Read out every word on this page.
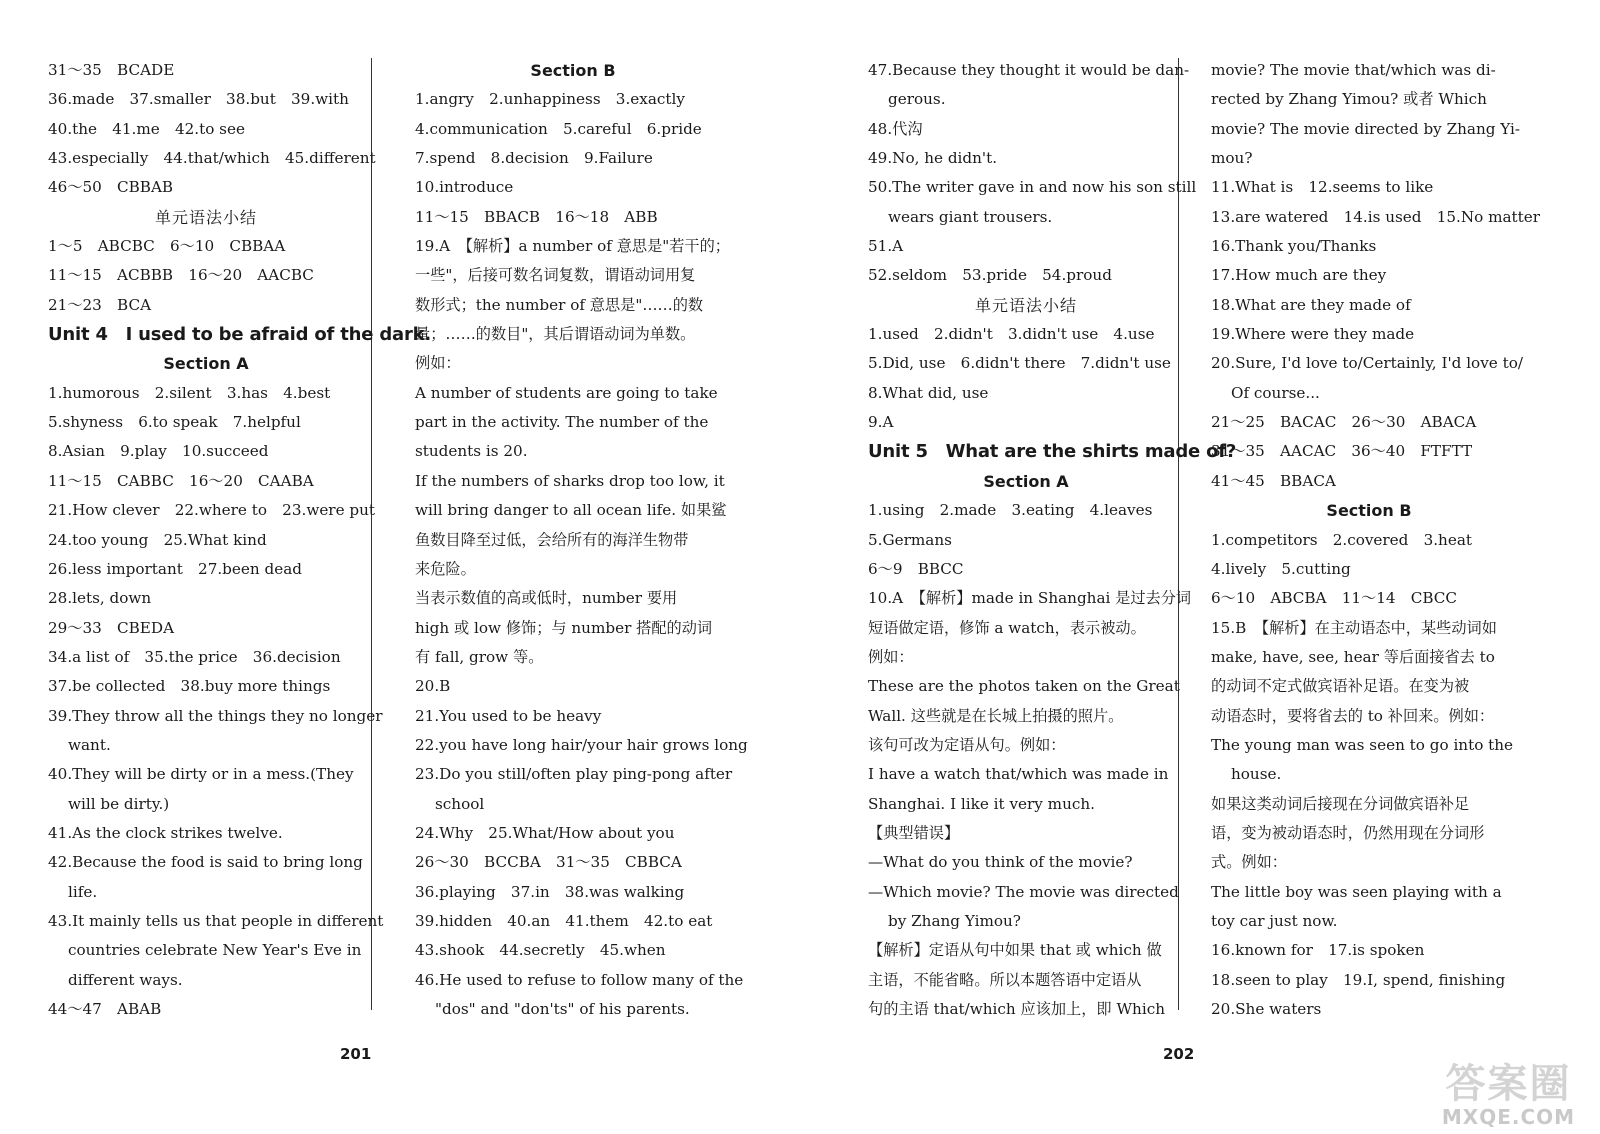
31～35　BCADE
36.made　37.smaller　38.but　39.with
40.the　41.me　42.to see
43.especially　44.that/which　45.different
46～50　CBBAB
单元语法小结
1～5　ABCBC　6～10　CBBAA
11～15　ACBBB　16～20　AACBC
21～23　BCA
Unit 4　I used to be afraid of the dark.
Section A
1.humorous　2.silent　3.has　4.best
5.shyness　6.to speak　7.helpful
8.Asian　9.play　10.succeed
11～15　CABBC　16～20　CAABA
21.How clever　22.where to　23.were put
24.too young　25.What kind
26.less important　27.been dead
28.lets, down
29～33　CBEDA
34.a list of　35.the price　36.decision
37.be collected　38.buy more things
39.They throw all the things they no longer
want.
40.They will be dirty or in a mess.(They
will be dirty.)
41.As the clock strikes twelve.
42.Because the food is said to bring long
life.
43.It mainly tells us that people in different
countries celebrate New Year's Eve in
different ways.
44～47　ABAB
Section B
1.angry　2.unhappiness　3.exactly
4.communication　5.careful　6.pride
7.spend　8.decision　9.Failure
10.introduce
11～15　BBACB　16～18　ABB
19.A　【解析】a number of 意思是"若干的；
一些"，后接可数名词复数，谓语动词用复
数形式；the number of 意思是"……的数
量；……的数目"，其后谓语动词为单数。
例如：
A number of students are going to take
part in the activity. The number of the
students is 20.
If the numbers of sharks drop too low, it
will bring danger to all ocean life. 如果鲨
鱼数目降至过低，会给所有的海洋生物带
来危险。
当表示数值的高或低时，number 要用
high 或 low 修饰；与 number 搭配的动词
有 fall, grow 等。
20.B
21.You used to be heavy
22.you have long hair/your hair grows long
23.Do you still/often play ping-pong after
school
24.Why　25.What/How about you
26～30　BCCBA　31～35　CBBCA
36.playing　37.in　38.was walking
39.hidden　40.an　41.them　42.to eat
43.shook　44.secretly　45.when
46.He used to refuse to follow many of the
"dos" and "don'ts" of his parents.
47.Because they thought it would be dan-
gerous.
48.代沟
49.No, he didn't.
50.The writer gave in and now his son still
wears giant trousers.
51.A
52.seldom　53.pride　54.proud
单元语法小结
1.used　2.didn't　3.didn't use　4.use
5.Did, use　6.didn't there　7.didn't use
8.What did, use
9.A
Unit 5　What are the shirts made of?
Section A
1.using　2.made　3.eating　4.leaves
5.Germans
6～9　BBCC
10.A　【解析】made in Shanghai 是过去分词
短语做定语，修饰 a watch，表示被动。
例如：
These are the photos taken on the Great
Wall. 这些就是在长城上拍摄的照片。
该句可改为定语从句。例如：
I have a watch that/which was made in
Shanghai. I like it very much.
【典型错误】
—What do you think of the movie?
—Which movie? The movie was directed
by Zhang Yimou?
【解析】定语从句中如果 that 或 which 做
主语，不能省略。所以本题答语中定语从
句的主语 that/which 应该加上，即 Which
movie? The movie that/which was di-
rected by Zhang Yimou? 或者 Which
movie? The movie directed by Zhang Yi-
mou?
11.What is　12.seems to like
13.are watered　14.is used　15.No matter
16.Thank you/Thanks
17.How much are they
18.What are they made of
19.Where were they made
20.Sure, I'd love to/Certainly, I'd love to/
Of course...
21～25　BACAC　26～30　ABACA
31～35　AACAC　36～40　FTFTT
41～45　BBACA
Section B
1.competitors　2.covered　3.heat
4.lively　5.cutting
6～10　ABCBA　11～14　CBCC
15.B　【解析】在主动语态中，某些动词如
make, have, see, hear 等后面接省去 to
的动词不定式做宾语补足语。在变为被
动语态时，要将省去的 to 补回来。例如：
The young man was seen to go into the
house.
如果这类动词后接现在分词做宾语补足
语，变为被动语态时，仍然用现在分词形
式。例如：
The little boy was seen playing with a
toy car just now.
16.known for　17.is spoken
18.seen to play　19.I, spend, finishing
20.She waters
201	202
答案圈
MXQE.COM
